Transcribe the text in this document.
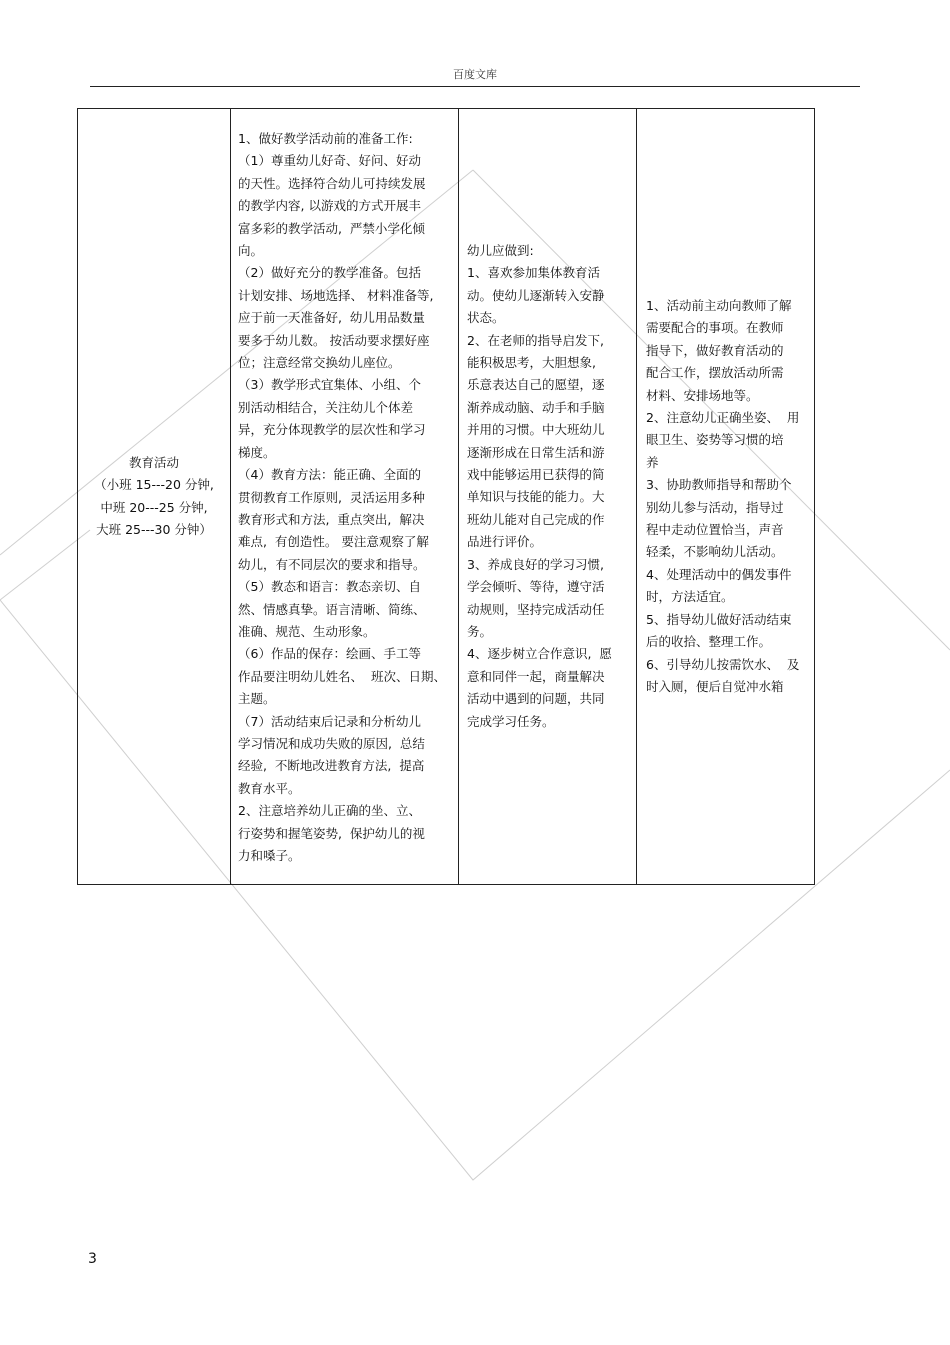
百度文库
教育活动
（小班 15---20 分钟,
中班 20---25 分钟,
大班 25---30 分钟）

1、做好教学活动前的准备工作:
（1）尊重幼儿好奇、好问、好动
的天性。选择符合幼儿可持续发展
的教学内容, 以游戏的方式开展丰
富多彩的教学活动,  严禁小学化倾
向。
（2）做好充分的教学准备。包括
计划安排、场地选择、 材料准备等,
应于前一天准备好,  幼儿用品数量
要多于幼儿数。 按活动要求摆好座
位；注意经常交换幼儿座位。
（3）教学形式宜集体、小组、个
别活动相结合，关注幼儿个体差
异，充分体现教学的层次性和学习
梯度。
（4）教育方法：能正确、全面的
贯彻教育工作原则,  灵活运用多种
教育形式和方法,  重点突出,  解决
难点,  有创造性。 要注意观察了解
幼儿，有不同层次的要求和指导。
（5）教态和语言：教态亲切、自
然、情感真挚。语言清晰、简练、
准确、规范、生动形象。
（6）作品的保存：绘画、手工等
作品要注明幼儿姓名、  班次、日期、
主题。
（7）活动结束后记录和分析幼儿
学习情况和成功失败的原因,  总结
经验,  不断地改进教育方法,  提高
教育水平。
2、注意培养幼儿正确的坐、立、
行姿势和握笔姿势,  保护幼儿的视
力和嗓子。

幼儿应做到:
1、喜欢参加集体教育活
动。使幼儿逐渐转入安静
状态。
2、在老师的指导启发下,
能积极思考，大胆想象,
乐意表达自己的愿望，逐
渐养成动脑、动手和手脑
并用的习惯。中大班幼儿
逐渐形成在日常生活和游
戏中能够运用已获得的简
单知识与技能的能力。大
班幼儿能对自己完成的作
品进行评价。
3、养成良好的学习习惯,
学会倾听、等待，遵守活
动规则，坚持完成活动任
务。
4、逐步树立合作意识,  愿
意和同伴一起，商量解决
活动中遇到的问题，共同
完成学习任务。

1、活动前主动向教师了解
需要配合的事项。在教师
指导下，做好教育活动的
配合工作，摆放活动所需
材料、安排场地等。
2、注意幼儿正确坐姿、  用
眼卫生、姿势等习惯的培
养
3、协助教师指导和帮助个
别幼儿参与活动，指导过
程中走动位置恰当，声音
轻柔，不影响幼儿活动。
4、处理活动中的偶发事件
时，方法适宜。
5、指导幼儿做好活动结束
后的收拾、整理工作。
6、引导幼儿按需饮水、  及
时入厕，便后自觉冲水箱
3
